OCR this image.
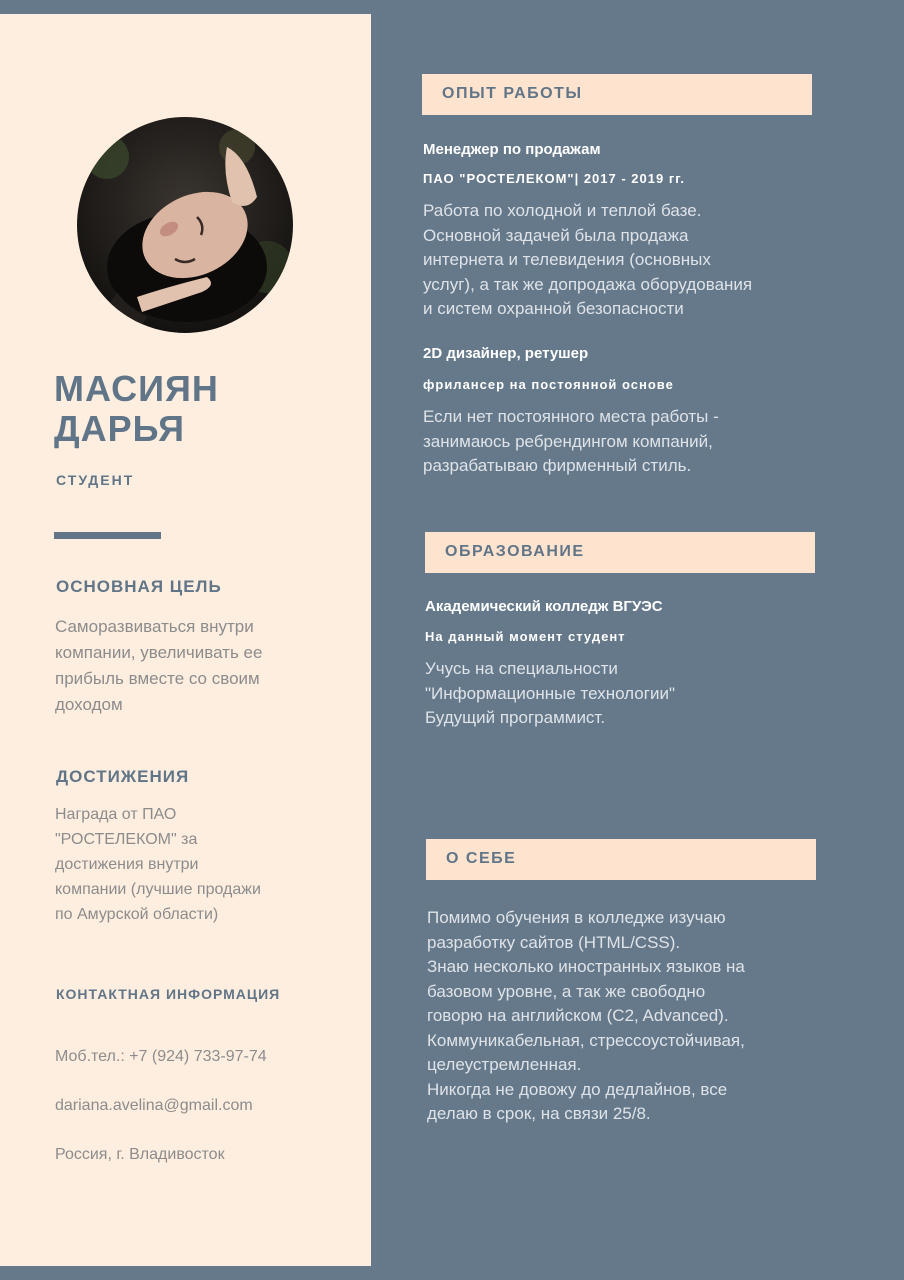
МАСИЯН
ДАРЬЯ
СТУДЕНТ
ОСНОВНАЯ ЦЕЛЬ
Саморазвиваться внутри
компании, увеличивать ее
прибыль вместе со своим
доходом
ДОСТИЖЕНИЯ
Награда от ПАО
"РОСТЕЛЕКОМ" за
достижения внутри
компании (лучшие продажи
по Амурской области)
КОНТАКТНАЯ ИНФОРМАЦИЯ

Моб.тел.: +7 (924) 733-97-74

dariana.avelina@gmail.com

Россия, г. Владивосток

ОПЫТ РАБОТЫ
Менеджер по продажам
ПАО "РОСТЕЛЕКОМ"| 2017 - 2019 гг.
Работа по холодной и теплой базе.
Основной задачей была продажа
интернета и телевидения (основных
услуг), а так же допродажа оборудования
и систем охранной безопасности
2D дизайнер, ретушер
фрилансер на постоянной основе
Если нет постоянного места работы -
занимаюсь ребрендингом компаний,
разрабатываю фирменный стиль.
ОБРАЗОВАНИЕ
Академический колледж ВГУЭС
На данный момент студент
Учусь на специальности
"Информационные технологии"
Будущий программист.
О СЕБЕ
Помимо обучения в колледже изучаю
разработку сайтов (HTML/CSS).
Знаю несколько иностранных языков на
базовом уровне, а так же свободно
говорю на английском (C2, Advanced).
Коммуникабельная, стрессоустойчивая,
целеустремленная.
Никогда не довожу до дедлайнов, все
делаю в срок, на связи 25/8.
